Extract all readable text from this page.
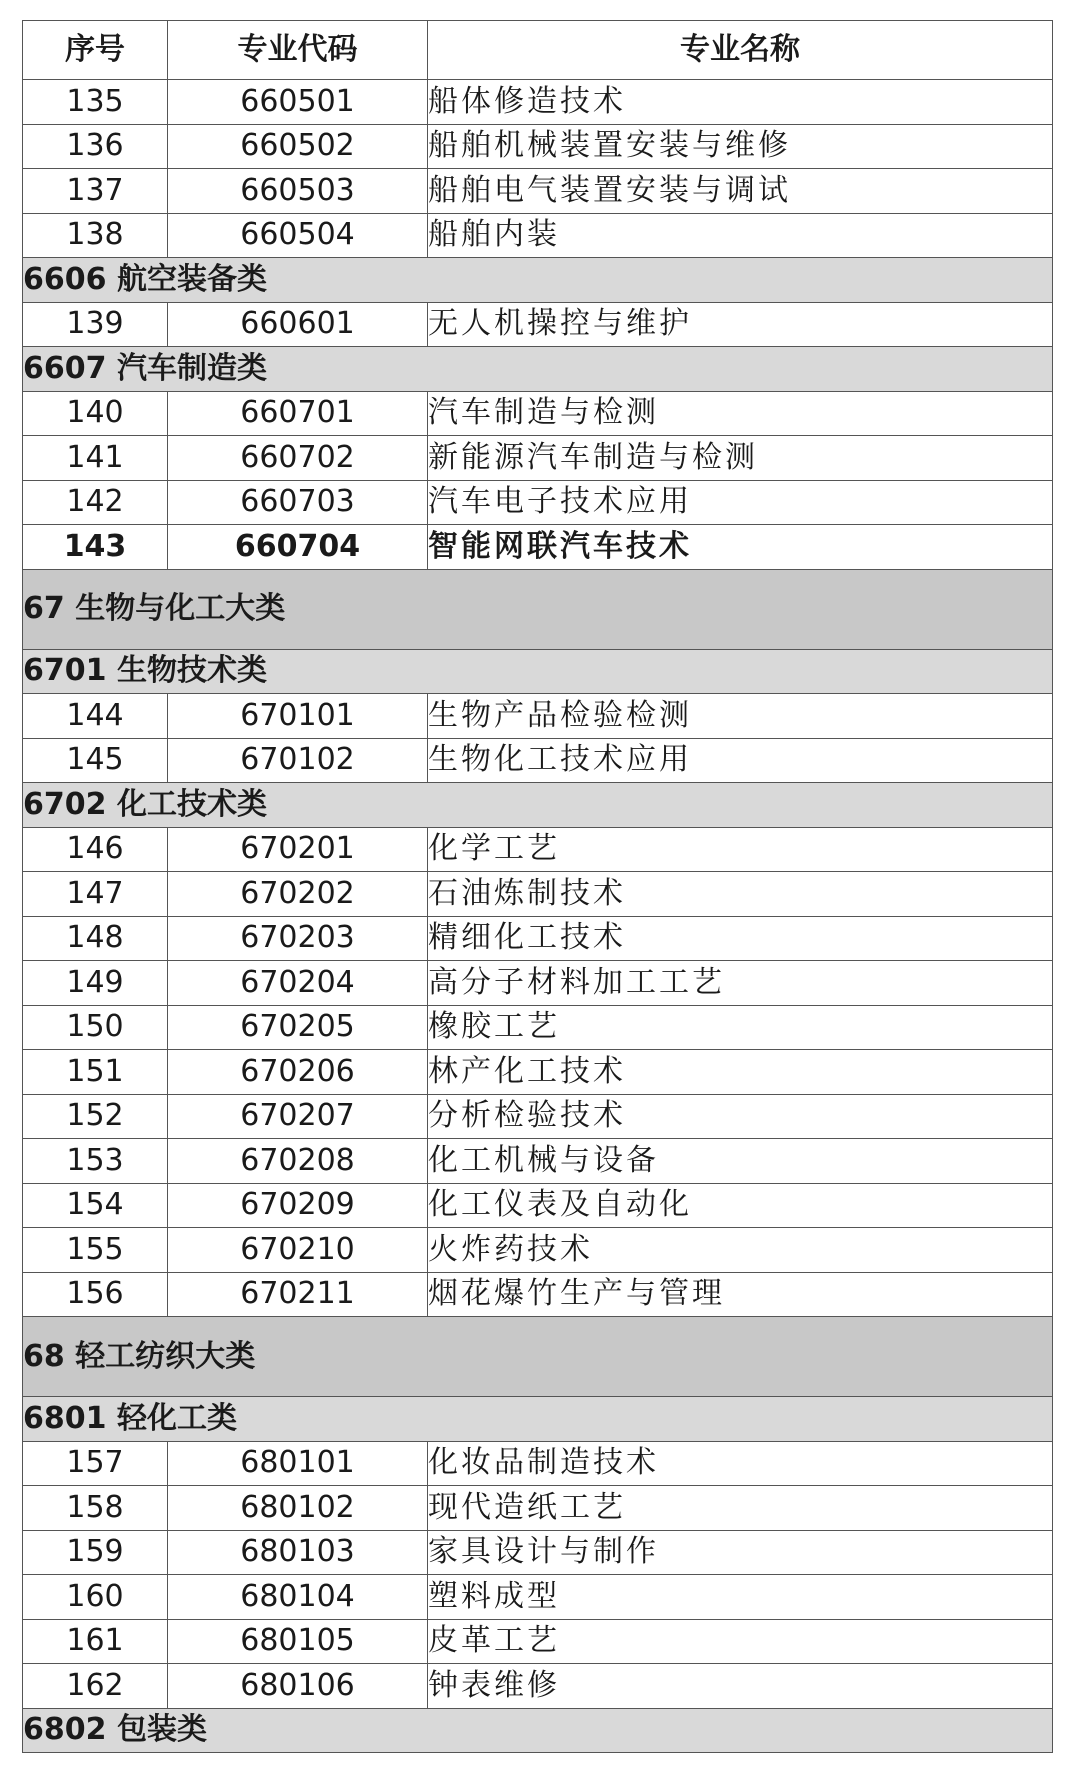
序号	专业代码	专业名称
135	660501	船体修造技术
136	660502	船舶机械装置安装与维修
137	660503	船舶电气装置安装与调试
138	660504	船舶内装
6606 航空装备类		
139	660601	无人机操控与维护
6607 汽车制造类		
140	660701	汽车制造与检测
141	660702	新能源汽车制造与检测
142	660703	汽车电子技术应用
143	660704	智能网联汽车技术
67 生物与化工大类		
6701 生物技术类		
144	670101	生物产品检验检测
145	670102	生物化工技术应用
6702 化工技术类		
146	670201	化学工艺
147	670202	石油炼制技术
148	670203	精细化工技术
149	670204	高分子材料加工工艺
150	670205	橡胶工艺
151	670206	林产化工技术
152	670207	分析检验技术
153	670208	化工机械与设备
154	670209	化工仪表及自动化
155	670210	火炸药技术
156	670211	烟花爆竹生产与管理
68 轻工纺织大类		
6801 轻化工类		
157	680101	化妆品制造技术
158	680102	现代造纸工艺
159	680103	家具设计与制作
160	680104	塑料成型
161	680105	皮革工艺
162	680106	钟表维修
6802 包装类		
